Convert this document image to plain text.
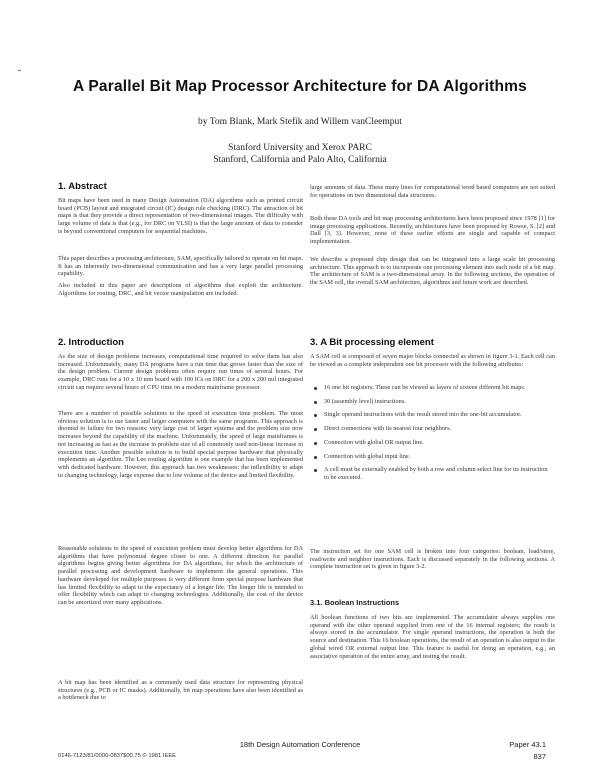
A Parallel Bit Map Processor Architecture for DA Algorithms
by Tom Blank, Mark Stefik and Willem vanCleemput
Stanford University and Xerox PARC
Stanford, California and Palo Alto, California
1. Abstract

Bit maps have been used in many Design Automation (DA) algorithms such as printed circuit board (PCB) layout and integrated circuit (IC) design rule checking (DRC). The attraction of bit maps is that they provide a direct representation of two-dimensional images. The difficulty with large volume of data is that (e.g., for DRC on VLSI) is that the large amount of data to consider is beyond conventional computers for sequential machines.

This paper describes a processing architecture, SAM, specifically tailored to operate on bit maps. It has an inherently two-dimensional communication and has a very large parallel processing capability.

Also included in this paper are descriptions of algorithms that exploit the architecture. Algorithms for routing, DRC, and bit vector manipulation are included.

2. Introduction

As the size of design problems increases, computational time required to solve them has also increased. Unfortunately, many DA programs have a run time that grows faster than the size of the design problem. Current design problems often require run times of several hours. For example, DRC runs for a 10 x 10 mm board with 100 ICs on DRC for a 200 x 200 mil integrated circuit can require several hours of CPU time on a modern mainframe processor.

There are a number of possible solutions to the speed of execution time problem. The most obvious solution is to use faster and larger computers with the same programs. This approach is doomed to failure for two reasons: very large cost of larger systems and the problem size now increases beyond the capability of the machine. Unfortunately, the speed of large mainframes is not increasing as fast as the increase in problem size of all commonly used non-linear increase in execution time. Another possible solution is to build special purpose hardware that physically implements an algorithm. The Lee routing algorithm is one example that has been implemented with dedicated hardware. However, this approach has two weaknesses: the inflexibility to adapt to changing technology, large expense due to low volume of the device and limited flexibility.

Reasonable solutions to the speed of execution problem must develop better algorithms for DA algorithms that have polynomial degree closer to one. A different direction for parallel algorithms begins giving better algorithms for DA algorithms, for which the architecture of parallel processing and development hardware to implement the general operations. This hardware developed for multiple purposes is very different from special purpose hardware that has limited flexibility to adapt to the expectancy of a longer life. The longer life is intended to offer flexibility which can adapt to changing technologies. Additionally, the cost of the device can be amortized over many applications.

A bit map has been identified as a commonly used data structure for representing physical structures (e.g., PCB or IC masks). Additionally, bit map operations have also been identified as a bottleneck due to

large amounts of data. These many lines for computational word based computers are not suited for operations on two dimensional data structures.

Both these DA tools and bit map processing architectures have been proposed since 1978 [1] for image processing applications. Recently, architectures have been proposed by Rowse, S. [2] and Dall [3, 3]. However, none of these earlier efforts are single and capable of compact implementation.

We describe a proposed chip design that can be integrated into a large scale bit processing architecture. This approach is to incorporate one processing element into each node of a bit map. The architecture of SAM is a two-dimensional array. In the following sections, the operation of the SAM cell, the overall SAM architecture, algorithms and future work are described.

3. A Bit processing element

A SAM cell is composed of seven major blocks connected as shown in figure 3-1. Each cell can be viewed as a complete independent one bit processor with the following attributes:

16 one bit registers; These can be viewed as layers of sixteen different bit maps.
30 (assembly level) instructions.
Single operand instructions with the result stored into the one-bit accumulator.
Direct connections with its nearest four neighbors.
Connection with global OR output line.
Connection with global input line.
A cell must be externally enabled by both a row and column select line for its instruction to be executed.

The instruction set for one SAM cell is broken into four categories: boolean, load/store, read/write and neighbor instructions. Each is discussed separately in the following sections. A complete instruction set is given in figure 3-2.

3.1. Boolean Instructions

All boolean functions of two bits are implemented. The accumulator always supplies one operand with the other operand supplied from one of the 16 internal registers; the result is always stored in the accumulator. For single operand instructions, the operation is both the source and destination. This 16 boolean operations, the result of an operation is also output to the global wired OR external output line. This feature is useful for doing an operation, e.g., an associative operation of the entire array, and testing the result.

18th Design Automation Conference	Paper 43.1
837
0146-7123/81/0000-0837$00.75 © 1981 IEEE
